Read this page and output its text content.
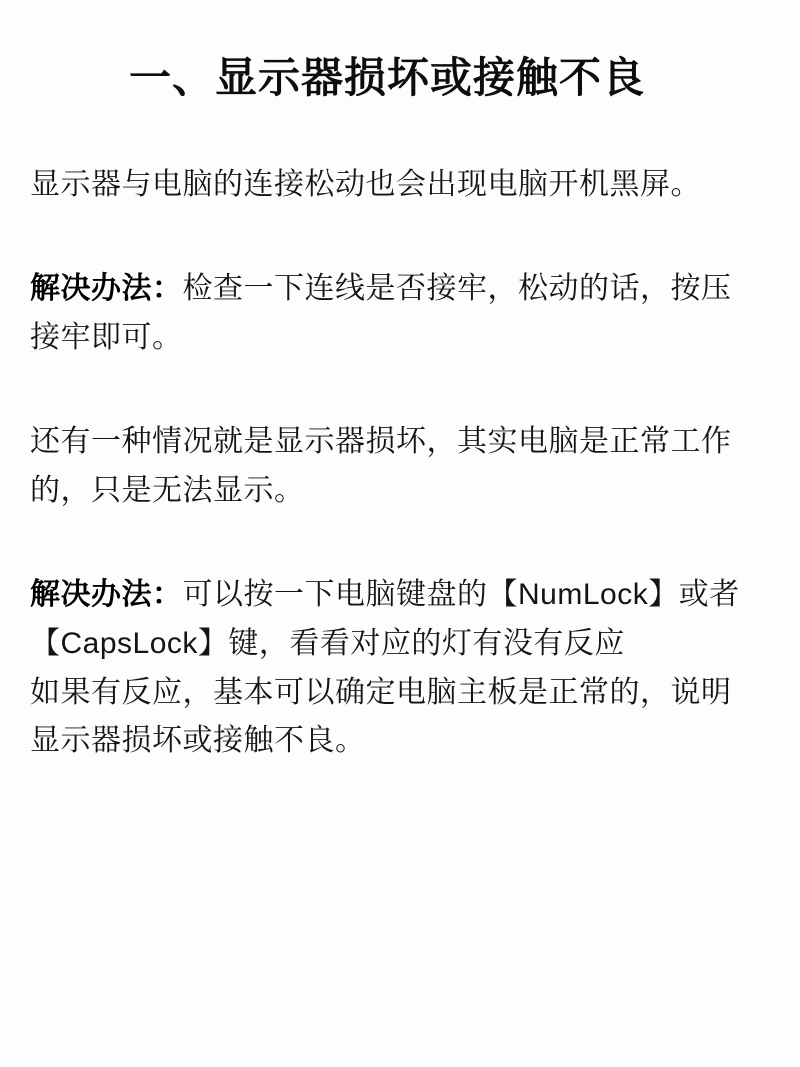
一、显示器损坏或接触不良

显示器与电脑的连接松动也会出现电脑开机黑屏。

解决办法：检查一下连线是否接牢，松动的话，按压接牢即可。

还有一种情况就是显示器损坏，其实电脑是正常工作的，只是无法显示。

解决办法：可以按一下电脑键盘的【NumLock】或者【CapsLock】键，看看对应的灯有没有反应

如果有反应，基本可以确定电脑主板是正常的，说明显示器损坏或接触不良。
